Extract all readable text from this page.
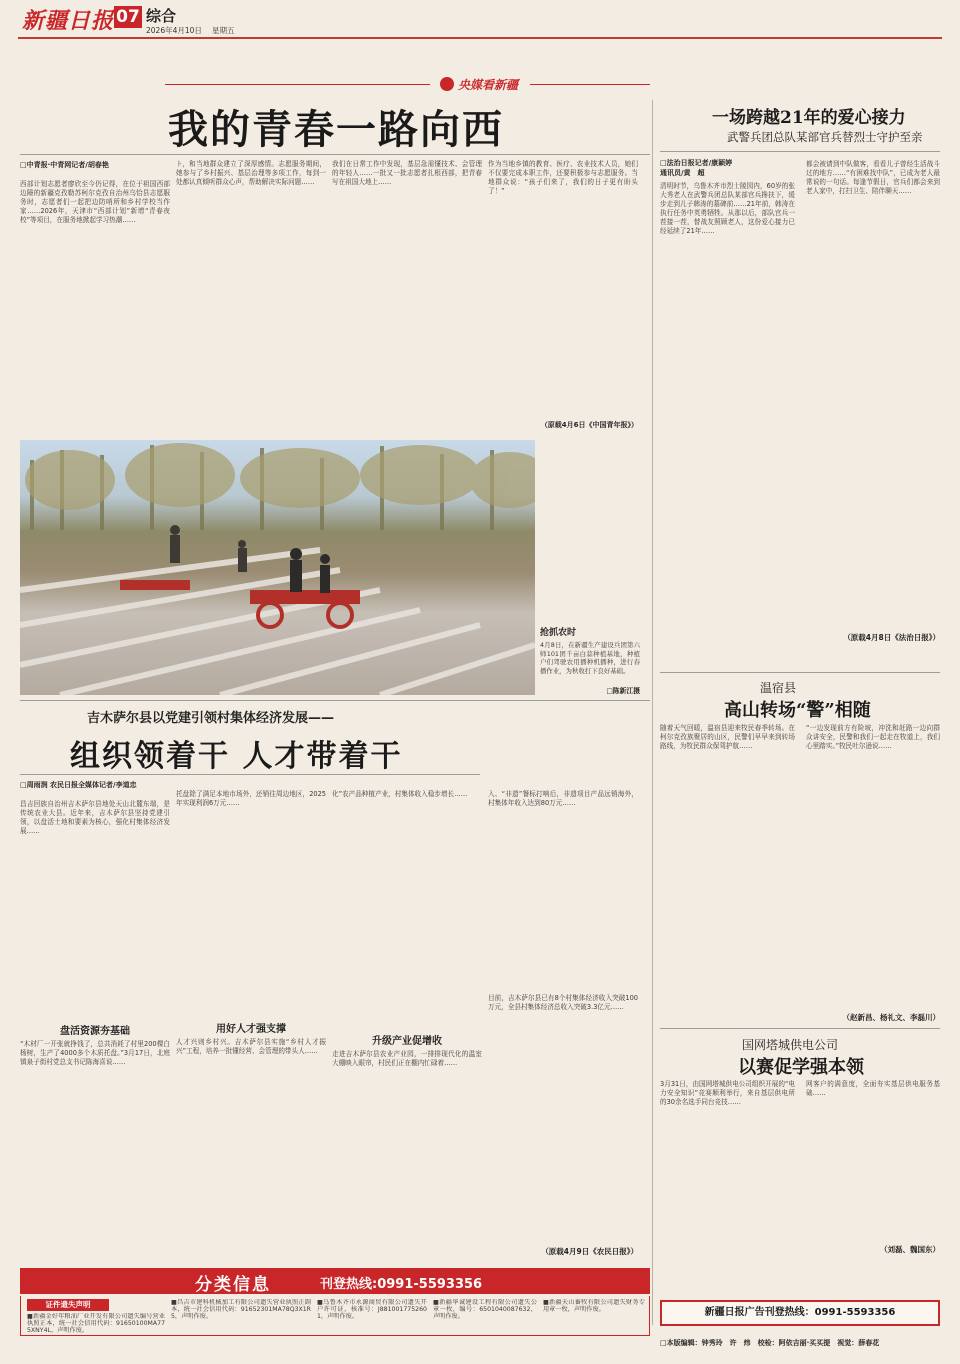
新疆日报 07 综合
2026年4月10日 星期五
央媒看新疆
我的青春一路向西
□中青报·中青网记者/胡春艳
西部计划志愿者廖欣至今仍记得，在位于祖国西部边陲的新疆克孜勒苏柯尔克孜自治州乌恰县志愿服务时，志愿者们一起把边防哨所和乡村学校当作家……2026年，天津市“西部计划”新增“青春夜校”等项目，在服务地掀起学习热潮……
ト，和当地群众建立了深厚感情。志愿服务期间，她参与了乡村振兴、基层治理等多项工作，每到一处都认真倾听群众心声，帮助解决实际问题……
我们在日常工作中发现，基层急需懂技术、会管理的年轻人……一批又一批志愿者扎根西部，把青春写在祖国大地上……
作为当地乡镇的教育、医疗、农业技术人员，她们不仅要完成本职工作，还要积极参与志愿服务。当地群众说：“孩子们来了，我们的日子更有盼头了！”
（原载4月6日《中国青年报》）
抢抓农时
4月8日，在新疆生产建设兵团第六师101团千亩白蒜种植基地，种植户们驾驶农用播种机播种，进行春播作业，为秋收打下良好基础。
□陈新江摄
一场跨越21年的爱心接力
武警兵团总队某部官兵替烈士守护至亲
□法治日报记者/康颖婷
通讯员/黄　超
清明时节，乌鲁木齐市烈士陵园内，60岁的张大秀老人在武警兵团总队某部官兵搀扶下，缓步走到儿子韩涛的墓碑前……21年前，韩涛在执行任务中英勇牺牲。从那以后，部队官兵一茬接一茬，替战友照顾老人，这份爱心接力已经延续了21年……
都会被请到中队做客，看看儿子曾经生活战斗过的地方……“有困难找中队”，已成为老人最常说的一句话。每逢节假日，官兵们都会来到老人家中，打扫卫生、陪伴聊天……
（原载4月8日《法治日报》）
吉木萨尔县以党建引领村集体经济发展——
组织领着干 人才带着干
□周雨润 农民日报全媒体记者/李道忠
昌吉回族自治州吉木萨尔县地处天山北麓东端，是传统农业大县。近年来，吉木萨尔县坚持党建引领，以盘活土地和要素为核心，强化村集体经济发展……
盘活资源夯基础
“木材厂一开张就挣钱了，总共消耗了村里200棵白杨树，生产了4000多个木质托盘。”3月17日，北庭镇泉子街村党总支书记陈海喜说……
托盘除了满足本地市场外，还销往周边地区，2025年实现利润6万元……
用好人才强支撑
人才兴则乡村兴。吉木萨尔县实施“乡村人才振兴”工程，培养一批懂经营、会管理的带头人……
化”农产品种植产业，村集体收入稳步增长……
升级产业促增收
走进吉木萨尔县农业产业园，一排排现代化的温室大棚映入眼帘，村民们正在棚内忙碌着……
入、“非遗”餐标打响后，非遗项目产品远销海外，村集体年收入达到80万元……
目前，吉木萨尔县已有8个村集体经济收入突破100万元，全县村集体经济总收入突破3.3亿元……
（原载4月9日《农民日报》）
温宿县
高山转场“警”相随
随着天气回暖，温宿县迎来牧民春季转场。在柯尔克孜族聚居的山区，民警们早早来到转场路线，为牧民群众保驾护航……
“一边发现前方有险坡，冲洗和赶路一边向群众讲安全，民警和我们一起走在牧道上，我们心里踏实。”牧民吐尔逊说……
（赵新昌、杨礼文、李磊川）
国网塔城供电公司
以赛促学强本领
3月31日，由国网塔城供电公司组织开展的“电力安全知识”竞赛顺利举行，来自基层供电所的30余名选手同台竞技……
网客户的满意度，全面夯实基层供电服务基础……
（刘磊、魏国东）
分类信息	刊登热线:0991-5593356
证件遗失声明
■新疆金好年粮油厂业开发有限公司遗失编号营业执照正本，统一社会信用代码：91650100MA775XNY4L，声明作废。
■昌吉市建科机械加工有限公司遗失营业执照正副本，统一社会信用代码：91652301MA78Q3X1R5，声明作废。
■乌鲁木齐市永源商贸有限公司遗失开户许可证，核准号：J8810017752601，声明作废。
■新疆华诚建设工程有限公司遗失公章一枚，编号：6501040087632，声明作废。
■新疆天山畜牧有限公司遗失财务专用章一枚，声明作废。	新疆日报广告刊登热线：0991-5593356
□本版编辑：钟秀玲　许　炜　校检：阿依吉丽·买买提　视觉：薛春花
